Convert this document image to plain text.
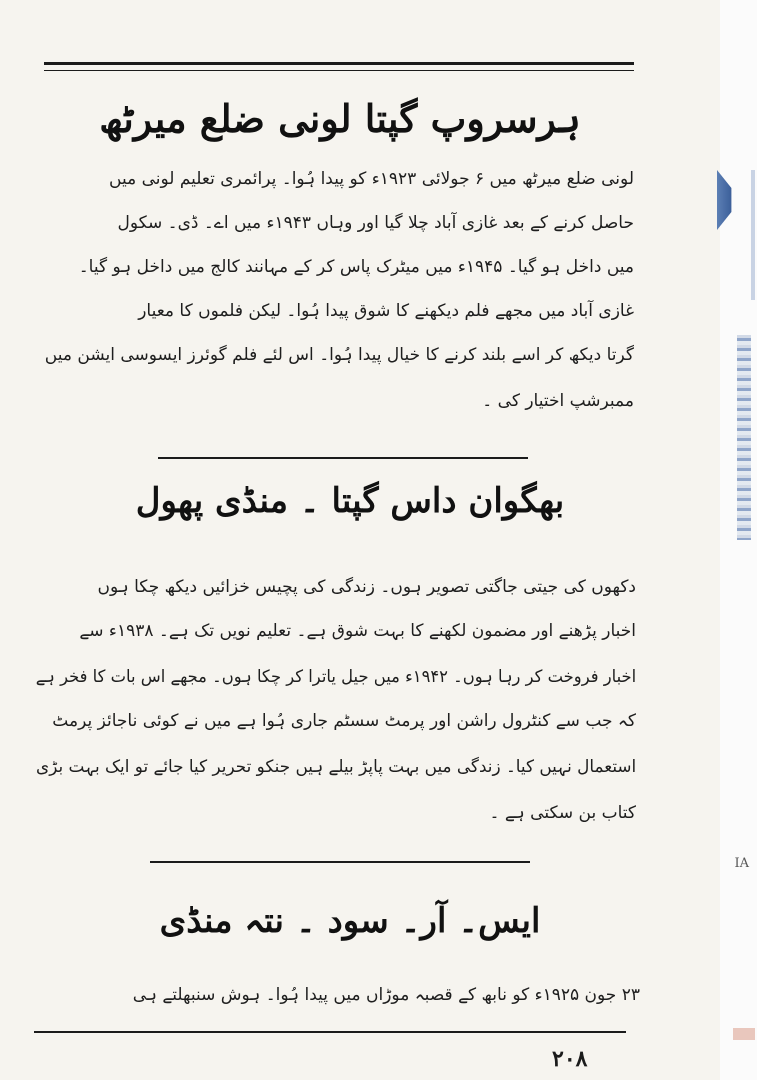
ہرسروپ گپتا لونی ضلع میرٹھ
لونی ضلع میرٹھ میں ۶ جولائی ۱۹۲۳ء کو پیدا ہُوا۔ پرائمری تعلیم لونی میں
حاصل کرنے کے بعد غازی آباد چلا گیا اور وہاں ۱۹۴۳ء میں اے۔ ڈی۔ سکول
میں داخل ہو گیا۔ ۱۹۴۵ء میں میٹرک پاس کر کے مہانند کالج میں داخل ہو گیا۔
غازی آباد میں مجھے فلم دیکھنے کا شوق پیدا ہُوا۔ لیکن فلموں کا معیار
گرتا دیکھ کر اسے بلند کرنے کا خیال پیدا ہُوا۔ اس لئے فلم گوئرز ایسوسی ایشن میں
ممبرشپ اختیار کی ۔
بھگوان داس گپتا ۔ منڈی پھول
دکھوں کی جیتی جاگتی تصویر ہوں۔ زندگی کی پچیس خزائیں دیکھ چکا ہوں
اخبار پڑھنے اور مضمون لکھنے کا بہت شوق ہے۔ تعلیم نویں تک ہے۔ ۱۹۳۸ء سے
اخبار فروخت کر رہا ہوں۔ ۱۹۴۲ء میں جیل یاترا کر چکا ہوں۔ مجھے اس بات کا فخر ہے
کہ جب سے کنٹرول راشن اور پرمٹ سسٹم جاری ہُوا ہے میں نے کوئی ناجائز پرمٹ
استعمال نہیں کیا۔ زندگی میں بہت پاپڑ بیلے ہیں جنکو تحریر کیا جائے تو ایک بہت بڑی
کتاب بن سکتی ہے ۔
ایس۔ آر۔ سود ۔ نتہ منڈی
۲۳ جون ۱۹۲۵ء کو نابھ کے قصبہ موڑاں میں پیدا ہُوا۔ ہوش سنبھلتے ہی
۲۰۸
IA
